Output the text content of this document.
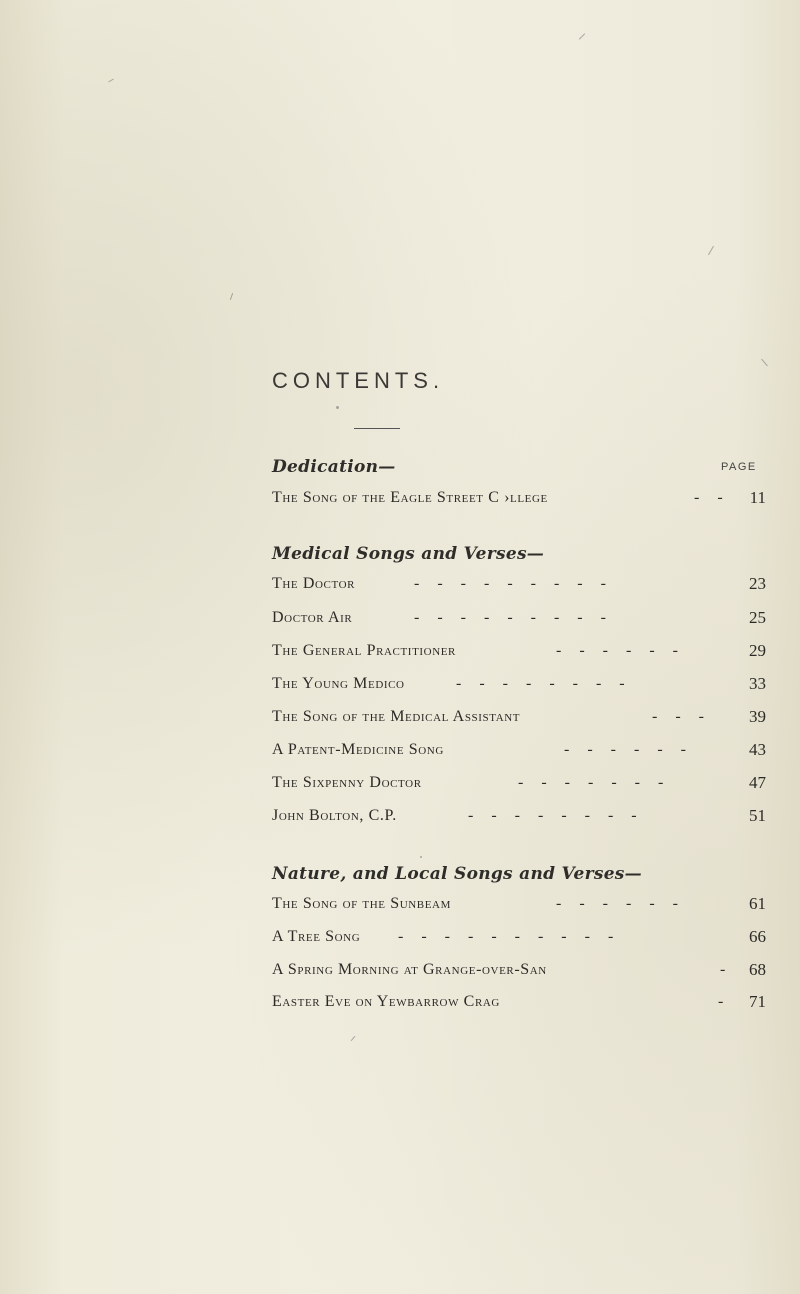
CONTENTS.
PAGE
Dedication—
The Song of the Eagle Street C ›llege	- -	11
Medical Songs and Verses—
The Doctor	- - - - - - - - -	23
Doctor Air	- - - - - - - - -	25
The General Practitioner	- - - - - -	29
The Young Medico	- - - - - - - -	33
The Song of the Medical Assistant	- - -	39
A Patent-Medicine Song	- - - - - -	43
The Sixpenny Doctor	- - - - - - -	47
John Bolton, C.P.	- - - - - - - -	51
Nature, and Local Songs and Verses—
The Song of the Sunbeam	- - - - - -	61
A Tree Song - - - - - - - - - -	66
A Spring Morning at Grange-over-San	- 68
Easter Eve on Yewbarrow Crag	-	71
